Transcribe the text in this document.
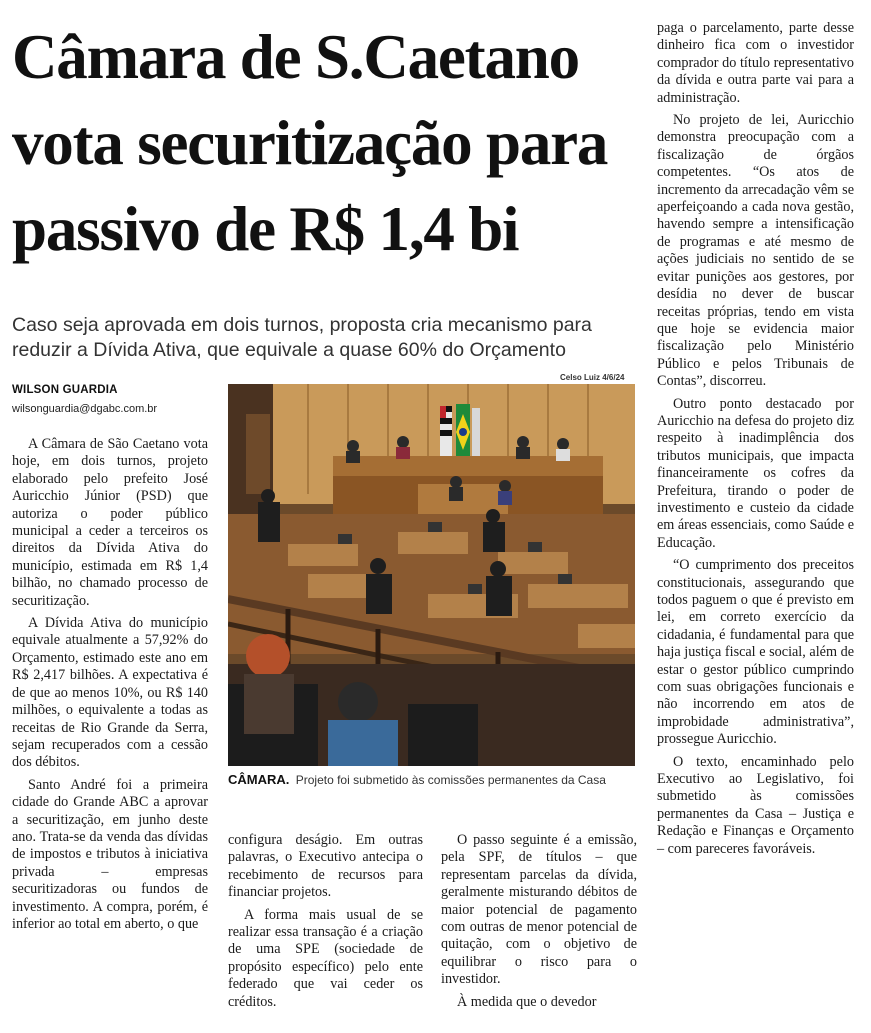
Câmara de S.Caetano
vota securitização para
passivo de R$ 1,4 bi
Caso seja aprovada em dois turnos, proposta cria mecanismo para reduzir a Dívida Ativa, que equivale a quase 60% do Orçamento
WILSON GUARDIA
wilsonguardia@dgabc.com.br
Celso Luiz 4/6/24
CÂMARA. Projeto foi submetido às comissões permanentes da Casa

A Câmara de São Caetano vota hoje, em dois turnos, projeto elaborado pelo prefeito José Auricchio Júnior (PSD) que autoriza o poder público municipal a ceder a terceiros os direitos da Dívida Ativa do município, estimada em R$ 1,4 bilhão, no chamado processo de securitização.

A Dívida Ativa do município equivale atualmente a 57,92% do Orçamento, estimado este ano em R$ 2,417 bilhões. A expectativa é de que ao menos 10%, ou R$ 140 milhões, o equivalente a todas as receitas de Rio Grande da Serra, sejam recuperados com a cessão dos débitos.

Santo André foi a primeira cidade do Grande ABC a aprovar a securitização, em junho deste ano. Trata-se da venda das dívidas de impostos e tributos à iniciativa privada – empresas securitizadoras ou fundos de investimento. A compra, porém, é inferior ao total em aberto, o que

configura deságio. Em outras palavras, o Executivo antecipa o recebimento de recursos para financiar projetos.

A forma mais usual de se realizar essa transação é a criação de uma SPE (sociedade de propósito específico) pelo ente federado que vai ceder os créditos.

O passo seguinte é a emissão, pela SPF, de títulos – que representam parcelas da dívida, geralmente misturando débitos de maior potencial de pagamento com outras de menor potencial de quitação, com o objetivo de equilibrar o risco para o investidor.

À medida que o devedor

paga o parcelamento, parte desse dinheiro fica com o investidor comprador do título representativo da dívida e outra parte vai para a administração.

No projeto de lei, Auricchio demonstra preocupação com a fiscalização de órgãos competentes. “Os atos de incremento da arrecadação vêm se aperfeiçoando a cada nova gestão, havendo sempre a intensificação de programas e até mesmo de ações judiciais no sentido de se evitar punições aos gestores, por desídia no dever de buscar receitas próprias, tendo em vista que hoje se evidencia maior fiscalização pelo Ministério Público e pelos Tribunais de Contas”, discorreu.

Outro ponto destacado por Auricchio na defesa do projeto diz respeito à inadimplência dos tributos municipais, que impacta financeiramente os cofres da Prefeitura, tirando o poder de investimento e custeio da cidade em áreas essenciais, como Saúde e Educação.

“O cumprimento dos preceitos constitucionais, assegurando que todos paguem o que é previsto em lei, em correto exercício da cidadania, é fundamental para que haja justiça fiscal e social, além de estar o gestor público cumprindo com suas obrigações funcionais e não incorrendo em atos de improbidade administrativa”, prossegue Auricchio.

O texto, encaminhado pelo Executivo ao Legislativo, foi submetido às comissões permanentes da Casa – Justiça e Redação e Finanças e Orçamento – com pareceres favoráveis.
